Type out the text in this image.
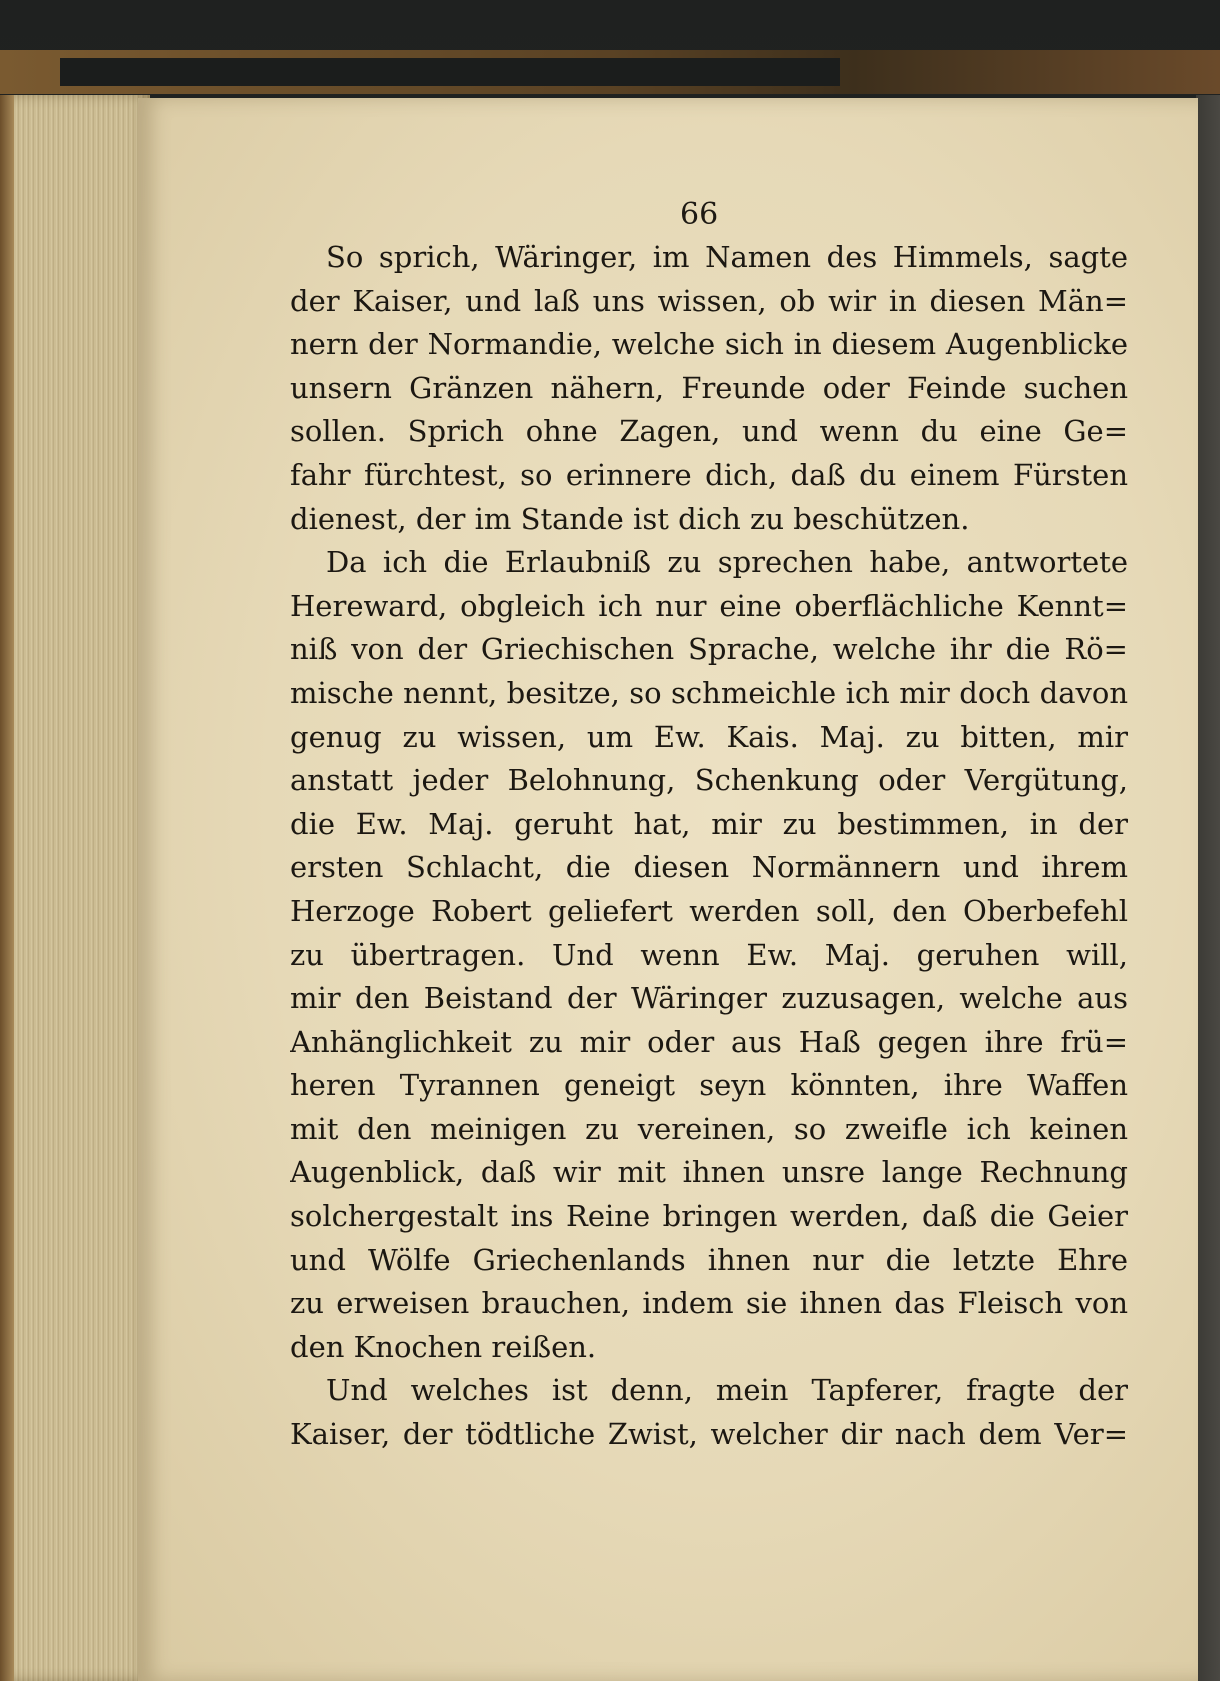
66

So sprich, Wäringer, im Namen des Himmels, sagte
der Kaiser, und laß uns wissen, ob wir in diesen Män=
nern der Normandie, welche sich in diesem Augenblicke
unsern Gränzen nähern, Freunde oder Feinde suchen
sollen. Sprich ohne Zagen, und wenn du eine Ge=
fahr fürchtest, so erinnere dich, daß du einem Fürsten
dienest, der im Stande ist dich zu beschützen.
Da ich die Erlaubniß zu sprechen habe, antwortete
Hereward, obgleich ich nur eine oberflächliche Kennt=
niß von der Griechischen Sprache, welche ihr die Rö=
mische nennt, besitze, so schmeichle ich mir doch davon
genug zu wissen, um Ew. Kais. Maj. zu bitten, mir
anstatt jeder Belohnung, Schenkung oder Vergütung,
die Ew. Maj. geruht hat, mir zu bestimmen, in der
ersten Schlacht, die diesen Normännern und ihrem
Herzoge Robert geliefert werden soll, den Oberbefehl
zu übertragen. Und wenn Ew. Maj. geruhen will,
mir den Beistand der Wäringer zuzusagen, welche aus
Anhänglichkeit zu mir oder aus Haß gegen ihre frü=
heren Tyrannen geneigt seyn könnten, ihre Waffen
mit den meinigen zu vereinen, so zweifle ich keinen
Augenblick, daß wir mit ihnen unsre lange Rechnung
solchergestalt ins Reine bringen werden, daß die Geier
und Wölfe Griechenlands ihnen nur die letzte Ehre
zu erweisen brauchen, indem sie ihnen das Fleisch von
den Knochen reißen.
Und welches ist denn, mein Tapferer, fragte der
Kaiser, der tödtliche Zwist, welcher dir nach dem Ver=
